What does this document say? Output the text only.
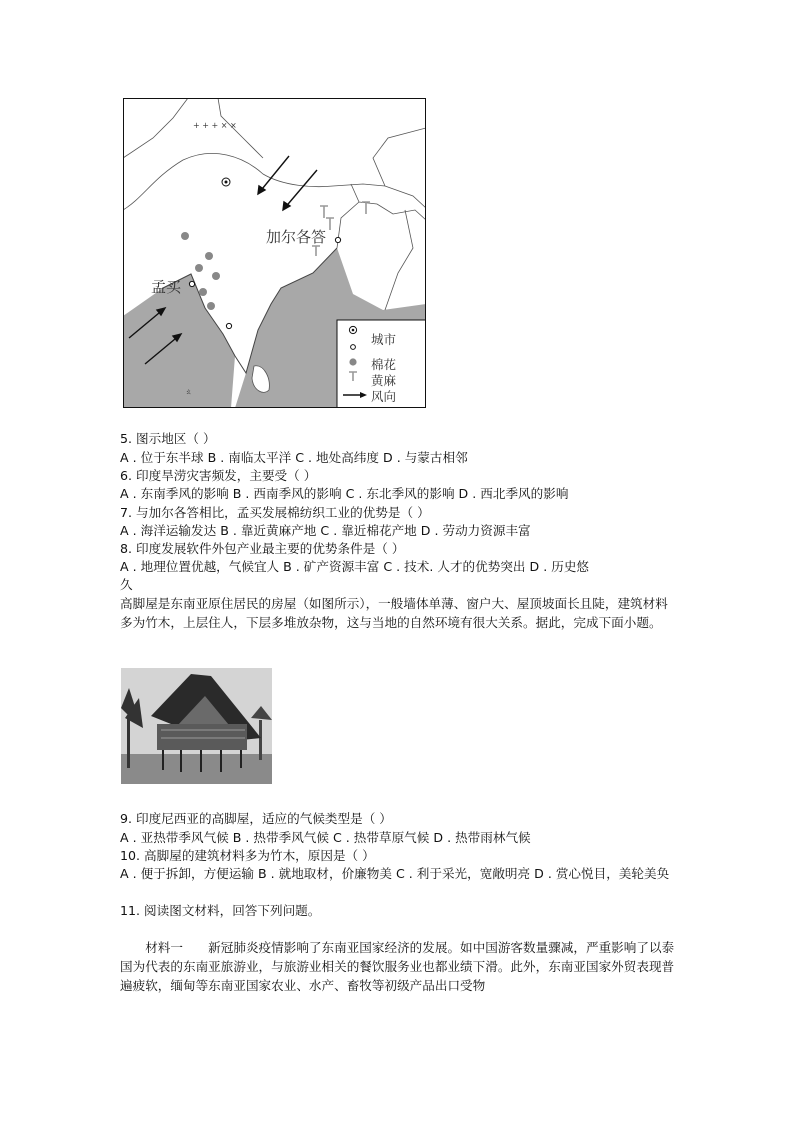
+ + + × ×
加尔各答
孟买
ㄠ
城市
棉花
黄麻
风向
5. 图示地区（ ）
A . 位于东半球 B . 南临太平洋 C . 地处高纬度 D . 与蒙古相邻
6. 印度旱涝灾害频发，主要受（ ）
A . 东南季风的影响 B . 西南季风的影响 C . 东北季风的影响 D . 西北季风的影响
7. 与加尔各答相比，孟买发展棉纺织工业的优势是（ ）
A . 海洋运输发达 B . 靠近黄麻产地 C . 靠近棉花产地 D . 劳动力资源丰富
8. 印度发展软件外包产业最主要的优势条件是（ ）
A . 地理位置优越，气候宜人 B . 矿产资源丰富 C . 技术. 人才的优势突出 D . 历史悠
久
高脚屋是东南亚原住居民的房屋（如图所示），一般墙体单薄、窗户大、屋顶坡面长且陡，建筑材料多为竹木，上层住人，下层多堆放杂物，这与当地的自然环境有很大关系。据此，完成下面小题。
9. 印度尼西亚的高脚屋，适应的气候类型是（ ）
A . 亚热带季风气候 B . 热带季风气候 C . 热带草原气候 D . 热带雨林气候
10. 高脚屋的建筑材料多为竹木，原因是（ ）
A . 便于拆卸，方便运输 B . 就地取材，价廉物美 C . 利于采光，宽敞明亮 D . 赏心悦目，美轮美奂
11. 阅读图文材料，回答下列问题。
材料一　　新冠肺炎疫情影响了东南亚国家经济的发展。如中国游客数量骤减，严重影响了以泰国为代表的东南亚旅游业，与旅游业相关的餐饮服务业也都业绩下滑。此外，东南亚国家外贸表现普遍疲软，缅甸等东南亚国家农业、水产、畜牧等初级产品出口受物
